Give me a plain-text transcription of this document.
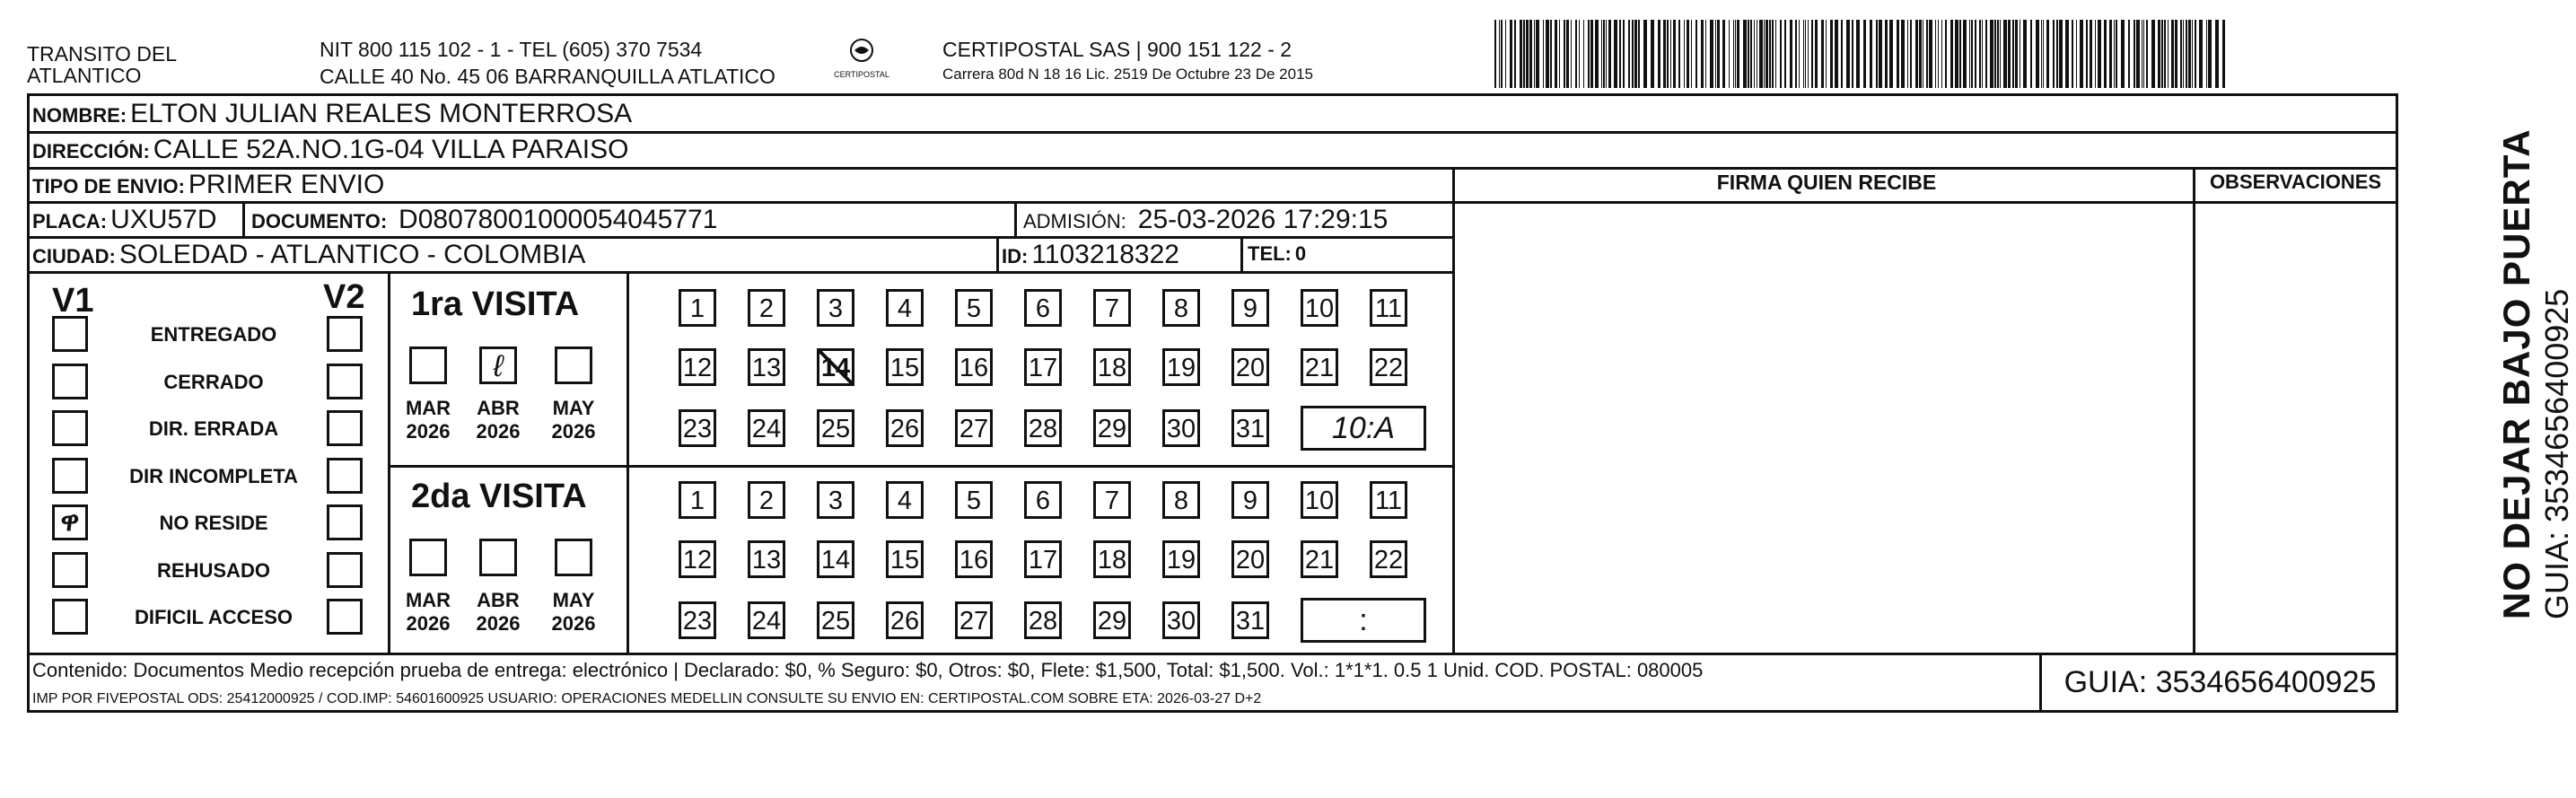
TRANSITO DEL
ATLANTICO
NIT 800 115 102 - 1 - TEL (605) 370 7534
CALLE 40 No. 45 06 BARRANQUILLA ATLATICO	CERTIPOSTAL
CERTIPOSTAL SAS | 900 151 122 - 2
Carrera 80d N 18 16 Lic. 2519 De Octubre 23 De 2015
NOMBRE: ELTON JULIAN REALES MONTERROSA
DIRECCIÓN: CALLE 52A.NO.1G-04 VILLA PARAISO
TIPO DE ENVIO: PRIMER ENVIO
PLACA: UXU57D DOCUMENTO: D08078001000054045771	ADMISIÓN: 25-03-2026 17:29:15
CIUDAD: SOLEDAD - ATLANTICO - COLOMBIA	ID: 1103218322	TEL: 0
FIRMA QUIEN RECIBE	OBSERVACIONES
V1	V2
ENTREGADO
CERRADO
DIR. ERRADA
DIR INCOMPLETA
ዋ	NO RESIDE
REHUSADO
DIFICIL ACCESO
1ra VISITA
MAR
2026
ℓ
ABR
2026
MAY
2026
1	2	3	4	5	6	7	8	9	10 11
12 13 14 15 16 17 18 19 20 21 22
23 24 25 26 27 28 29 30 31	10:A
2da VISITA
MAR
2026
ABR
2026
MAY
2026
1	2	3	4	5	6	7	8	9	10 11
12 13 14 15 16 17 18 19 20 21 22
23 24 25 26 27 28 29 30 31	:
NO DEJAR BAJO PUERTA GUIA: 3534656400925
Contenido: Documentos Medio recepción prueba de entrega: electrónico | Declarado: $0, % Seguro: $0, Otros: $0, Flete: $1,500, Total: $1,500. Vol.: 1*1*1. 0.5 1 Unid. COD. POSTAL: 080005
IMP POR FIVEPOSTAL ODS: 25412000925 / COD.IMP: 54601600925 USUARIO: OPERACIONES MEDELLIN CONSULTE SU ENVIO EN: CERTIPOSTAL.COM SOBRE ETA: 2026-03-27 D+2	GUIA: 3534656400925
